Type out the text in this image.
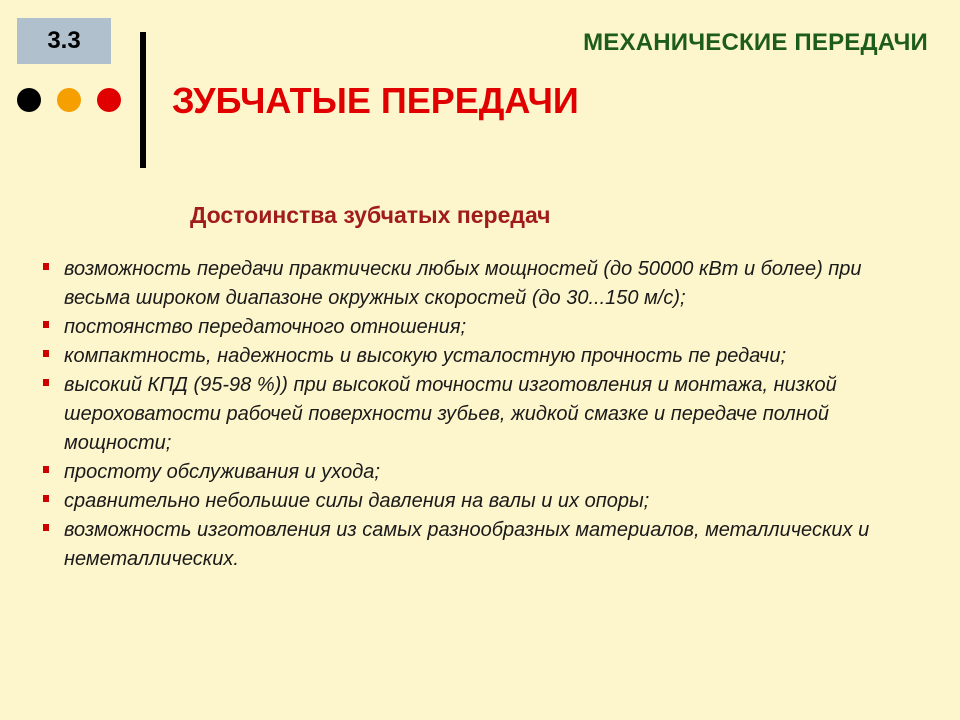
3.3	МЕХАНИЧЕСКИЕ ПЕРЕДАЧИ
ЗУБЧАТЫЕ ПЕРЕДАЧИ
Достоинства зубчатых передач
возможность передачи практически любых мощностей (до 50000 кВт и более) при весьма широком диапазоне окружных скоростей (до 30...150 м/с);
постоянство передаточного отношения;
компактность, надежность и высокую усталостную прочность пе редачи;
высокий КПД (95-98 %)) при высокой точности изготовления и монтажа, низкой шероховатости рабочей поверхности зубьев, жидкой смазке и передаче полной мощности;
простоту обслуживания и ухода;
сравнительно небольшие силы давления на валы и их опоры;
возможность изготовления из самых разнообразных материалов, металлических и неметаллических.
